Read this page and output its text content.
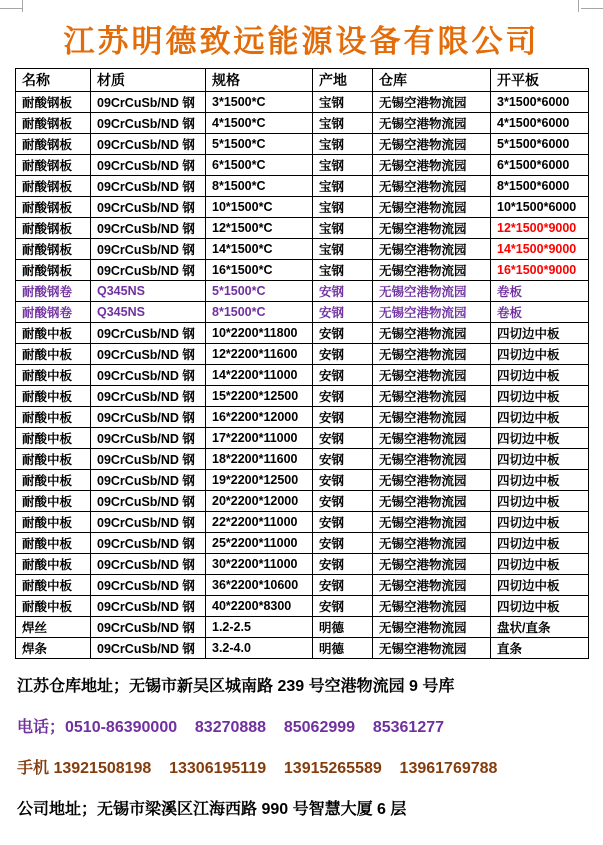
江苏明德致远能源设备有限公司
名称	材质	规格	产地	仓库	开平板
耐酸钢板	09CrCuSb/ND 钢	3*1500*C	宝钢	无锡空港物流园	3*1500*6000
耐酸钢板	09CrCuSb/ND 钢	4*1500*C	宝钢	无锡空港物流园	4*1500*6000
耐酸钢板	09CrCuSb/ND 钢	5*1500*C	宝钢	无锡空港物流园	5*1500*6000
耐酸钢板	09CrCuSb/ND 钢	6*1500*C	宝钢	无锡空港物流园	6*1500*6000
耐酸钢板	09CrCuSb/ND 钢	8*1500*C	宝钢	无锡空港物流园	8*1500*6000
耐酸钢板	09CrCuSb/ND 钢	10*1500*C	宝钢	无锡空港物流园	10*1500*6000
耐酸钢板	09CrCuSb/ND 钢	12*1500*C	宝钢	无锡空港物流园	12*1500*9000
耐酸钢板	09CrCuSb/ND 钢	14*1500*C	宝钢	无锡空港物流园	14*1500*9000
耐酸钢板	09CrCuSb/ND 钢	16*1500*C	宝钢	无锡空港物流园	16*1500*9000
耐酸钢卷	Q345NS	5*1500*C	安钢	无锡空港物流园	卷板
耐酸钢卷	Q345NS	8*1500*C	安钢	无锡空港物流园	卷板
耐酸中板	09CrCuSb/ND 钢	10*2200*11800	安钢	无锡空港物流园	四切边中板
耐酸中板	09CrCuSb/ND 钢	12*2200*11600	安钢	无锡空港物流园	四切边中板
耐酸中板	09CrCuSb/ND 钢	14*2200*11000	安钢	无锡空港物流园	四切边中板
耐酸中板	09CrCuSb/ND 钢	15*2200*12500	安钢	无锡空港物流园	四切边中板
耐酸中板	09CrCuSb/ND 钢	16*2200*12000	安钢	无锡空港物流园	四切边中板
耐酸中板	09CrCuSb/ND 钢	17*2200*11000	安钢	无锡空港物流园	四切边中板
耐酸中板	09CrCuSb/ND 钢	18*2200*11600	安钢	无锡空港物流园	四切边中板
耐酸中板	09CrCuSb/ND 钢	19*2200*12500	安钢	无锡空港物流园	四切边中板
耐酸中板	09CrCuSb/ND 钢	20*2200*12000	安钢	无锡空港物流园	四切边中板
耐酸中板	09CrCuSb/ND 钢	22*2200*11000	安钢	无锡空港物流园	四切边中板
耐酸中板	09CrCuSb/ND 钢	25*2200*11000	安钢	无锡空港物流园	四切边中板
耐酸中板	09CrCuSb/ND 钢	30*2200*11000	安钢	无锡空港物流园	四切边中板
耐酸中板	09CrCuSb/ND 钢	36*2200*10600	安钢	无锡空港物流园	四切边中板
耐酸中板	09CrCuSb/ND 钢	40*2200*8300	安钢	无锡空港物流园	四切边中板
焊丝	09CrCuSb/ND 钢	1.2-2.5	明德	无锡空港物流园	盘状/直条
焊条	09CrCuSb/ND 钢	3.2-4.0	明德	无锡空港物流园	直条

江苏仓库地址；无锡市新吴区城南路 239 号空港物流园 9 号库

电话；0510-86390000    83270888    85062999    85361277

手机 13921508198    13306195119    13915265589    13961769788

公司地址；无锡市梁溪区江海西路 990 号智慧大厦 6 层
